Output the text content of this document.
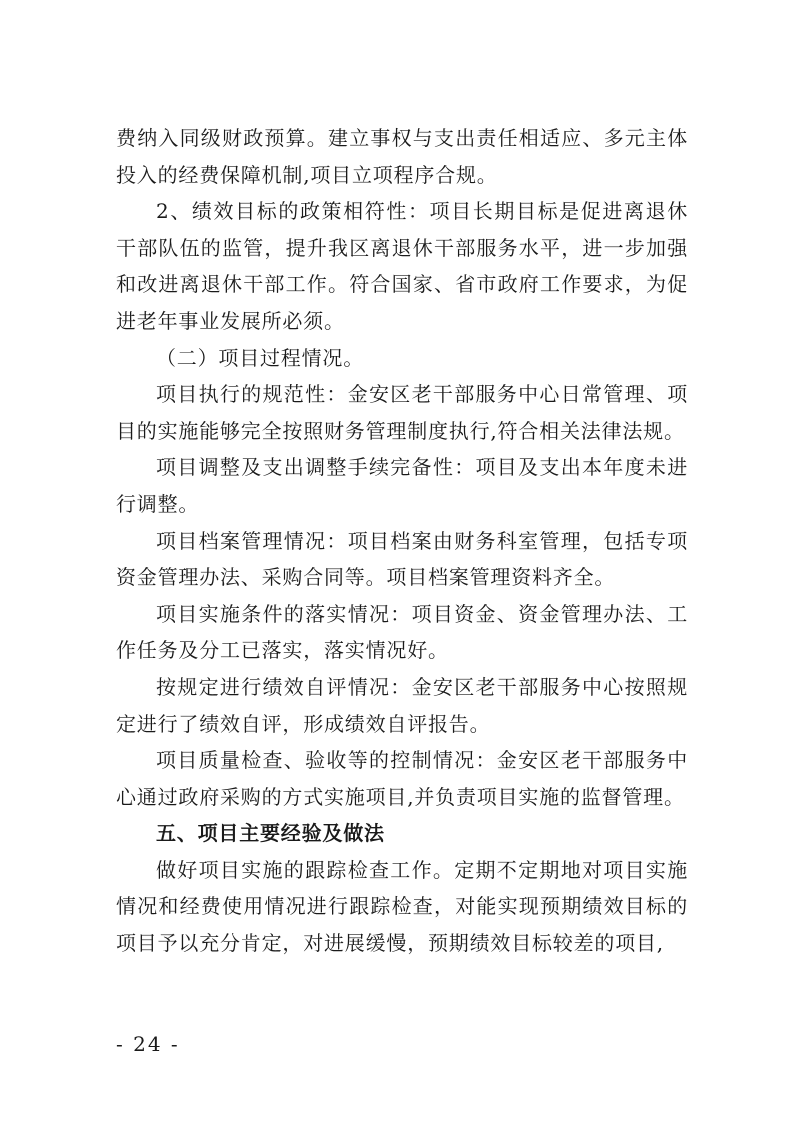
费纳入同级财政预算。建立事权与支出责任相适应、多元主体投入的经费保障机制,项目立项程序合规。

2、绩效目标的政策相符性：项目长期目标是促进离退休干部队伍的监管，提升我区离退休干部服务水平，进一步加强和改进离退休干部工作。符合国家、省市政府工作要求，为促进老年事业发展所必须。

（二）项目过程情况。

项目执行的规范性：金安区老干部服务中心日常管理、项目的实施能够完全按照财务管理制度执行,符合相关法律法规。

项目调整及支出调整手续完备性：项目及支出本年度未进行调整。

项目档案管理情况：项目档案由财务科室管理，包括专项资金管理办法、采购合同等。项目档案管理资料齐全。

项目实施条件的落实情况：项目资金、资金管理办法、工作任务及分工已落实，落实情况好。

按规定进行绩效自评情况：金安区老干部服务中心按照规定进行了绩效自评，形成绩效自评报告。

项目质量检查、验收等的控制情况：金安区老干部服务中心通过政府采购的方式实施项目,并负责项目实施的监督管理。

五、项目主要经验及做法

做好项目实施的跟踪检查工作。定期不定期地对项目实施情况和经费使用情况进行跟踪检查，对能实现预期绩效目标的项目予以充分肯定，对进展缓慢，预期绩效目标较差的项目,

- 24 -
